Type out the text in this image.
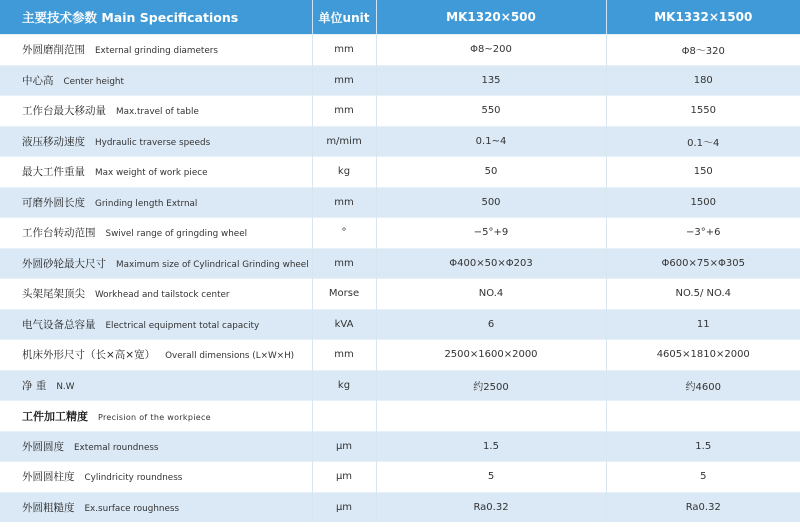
主要技术参数 Main Specifications	单位unit	MK1320×500	MK1332×1500
外圆磨削范围 External grinding diameters	mm	Φ8~200	Φ8～320
中心高 Center height	mm	135	180
工作台最大移动量 Max.travel of table	mm	550	1550
液压移动速度 Hydraulic traverse speeds	m/mim	0.1~4	0.1～4
最大工件重量 Max weight of work piece	kg	50	150
可磨外圆长度 Grinding length Extrnal	mm	500	1500
工作台转动范围 Swivel range of gringding wheel	°	−5°+9	−3°+6
外圆砂轮最大尺寸 Maximum size of Cylindrical Grinding wheel	mm	Φ400×50×Φ203	Φ600×75×Φ305
头架尾架顶尖 Workhead and tailstock center	Morse	NO.4	NO.5/ NO.4
电气设备总容量 Electrical equipment total capacity	kVA	6	11
机床外形尺寸（长×高×宽） Overall dimensions (L×W×H)	mm	2500×1600×2000	4605×1810×2000
净 重 N.W	kg	约2500	约4600
工件加工精度 Precision of the workpiece			
外圆圆度 Extemal roundness	μm	1.5	1.5
外圆圆柱度 Cylindricity roundness	μm	5	5
外圆粗糙度 Ex.surface roughness	μm	Ra0.32	Ra0.32
